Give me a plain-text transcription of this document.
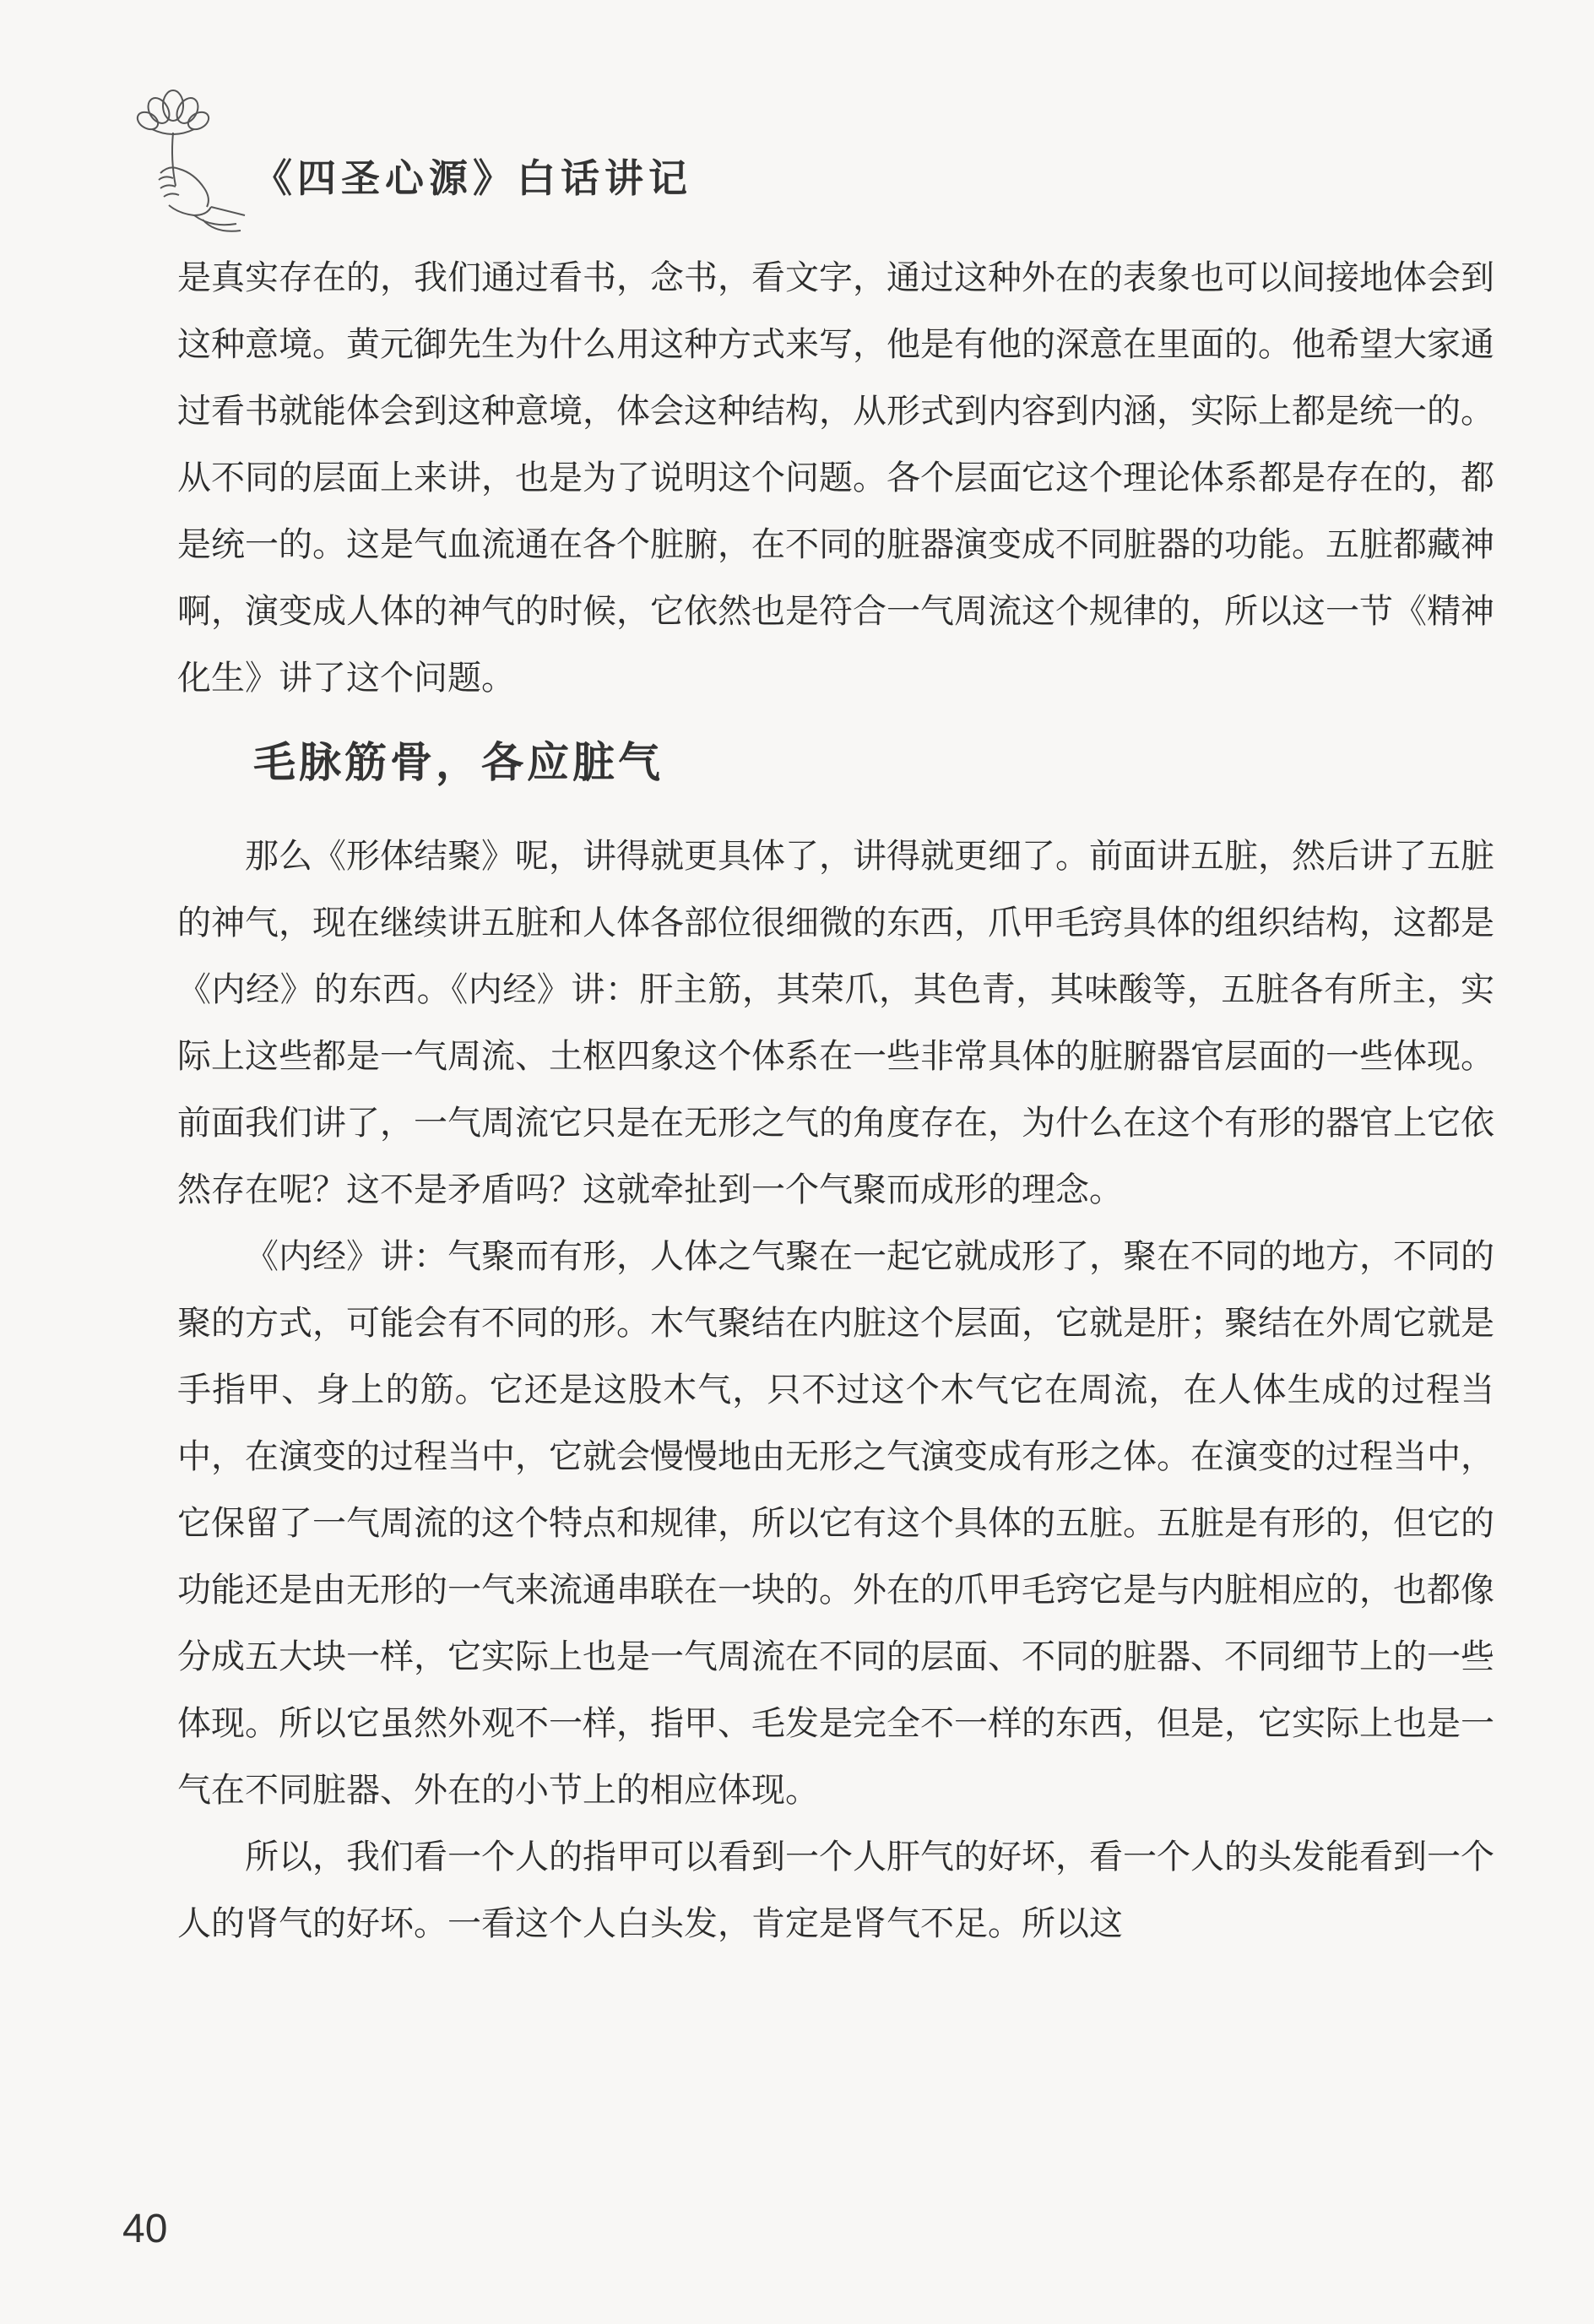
《四圣心源》白话讲记

是真实存在的，我们通过看书，念书，看文字，通过这种外在的表象也可以间接地体会到这种意境。黄元御先生为什么用这种方式来写，他是有他的深意在里面的。他希望大家通过看书就能体会到这种意境，体会这种结构，从形式到内容到内涵，实际上都是统一的。从不同的层面上来讲，也是为了说明这个问题。各个层面它这个理论体系都是存在的，都是统一的。这是气血流通在各个脏腑，在不同的脏器演变成不同脏器的功能。五脏都藏神啊，演变成人体的神气的时候，它依然也是符合一气周流这个规律的，所以这一节《精神化生》讲了这个问题。

毛脉筋骨，各应脏气

那么《形体结聚》呢，讲得就更具体了，讲得就更细了。前面讲五脏，然后讲了五脏的神气，现在继续讲五脏和人体各部位很细微的东西，爪甲毛窍具体的组织结构，这都是《内经》的东西。《内经》讲：肝主筋，其荣爪，其色青，其味酸等，五脏各有所主，实际上这些都是一气周流、土枢四象这个体系在一些非常具体的脏腑器官层面的一些体现。前面我们讲了，一气周流它只是在无形之气的角度存在，为什么在这个有形的器官上它依然存在呢？这不是矛盾吗？这就牵扯到一个气聚而成形的理念。

《内经》讲：气聚而有形，人体之气聚在一起它就成形了，聚在不同的地方，不同的聚的方式，可能会有不同的形。木气聚结在内脏这个层面，它就是肝；聚结在外周它就是手指甲、身上的筋。它还是这股木气，只不过这个木气它在周流，在人体生成的过程当中，在演变的过程当中，它就会慢慢地由无形之气演变成有形之体。在演变的过程当中，它保留了一气周流的这个特点和规律，所以它有这个具体的五脏。五脏是有形的，但它的功能还是由无形的一气来流通串联在一块的。外在的爪甲毛窍它是与内脏相应的，也都像分成五大块一样，它实际上也是一气周流在不同的层面、不同的脏器、不同细节上的一些体现。所以它虽然外观不一样，指甲、毛发是完全不一样的东西，但是，它实际上也是一气在不同脏器、外在的小节上的相应体现。

所以，我们看一个人的指甲可以看到一个人肝气的好坏，看一个人的头发能看到一个人的肾气的好坏。一看这个人白头发，肯定是肾气不足。所以这

40
